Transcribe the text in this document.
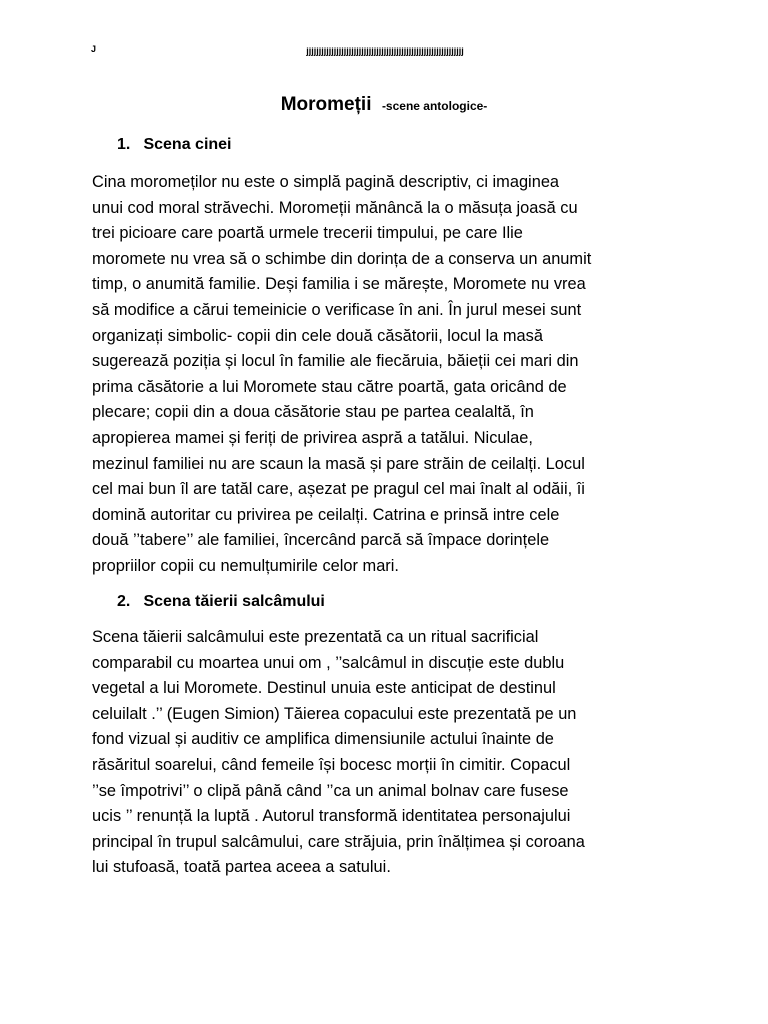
J	jjjjjjjjjjjjjjjjjjjjjjjjjjjjjjjjjjjjjjjjjjjjjjjjjjjjjjjjjjjjjjj
Moromeții -scene antologice-
1. Scena cinei
Cina moromeților nu este o simplă pagină descriptiv, ci imaginea
unui cod moral străvechi. Moromeții mănâncă la o măsuța joasă cu
trei picioare care poartă urmele trecerii timpului, pe care Ilie
moromete nu vrea să o schimbe din dorința de a conserva un anumit
timp, o anumită familie. Deși familia i se mărește, Moromete nu vrea
să modifice a cărui temeinicie o verificase în ani. În jurul mesei sunt
organizați simbolic- copii din cele două căsătorii, locul la masă
sugerează poziția și locul în familie ale fiecăruia, băieții cei mari din
prima căsătorie a lui Moromete stau către poartă, gata oricând de
plecare; copii din a doua căsătorie stau pe partea cealaltă, în
apropierea mamei și feriți de privirea aspră a tatălui. Niculae,
mezinul familiei nu are scaun la masă și pare străin de ceilalți. Locul
cel mai bun îl are tatăl care, așezat pe pragul cel mai înalt al odăii, îi
domină autoritar cu privirea pe ceilalți. Catrina e prinsă intre cele
două ’’tabere’’ ale familiei, încercând parcă să împace dorințele
propriilor copii cu nemulțumirile celor mari.
2. Scena tăierii salcâmului
Scena tăierii salcâmului este prezentată ca un ritual sacrificial
comparabil cu moartea unui om , ’’salcâmul in discuție este dublu
vegetal a lui Moromete. Destinul unuia este anticipat de destinul
celuilalt .’’ (Eugen Simion) Tăierea copacului este prezentată pe un
fond vizual și auditiv ce amplifica dimensiunile actului înainte de
răsăritul soarelui, când femeile își bocesc morții în cimitir. Copacul
’’se împotrivi’’ o clipă până când ’’ca un animal bolnav care fusese
ucis ’’ renunță la luptă . Autorul transformă identitatea personajului
principal în trupul salcâmului, care străjuia, prin înălțimea și coroana
lui stufoasă, toată partea aceea a satului.
